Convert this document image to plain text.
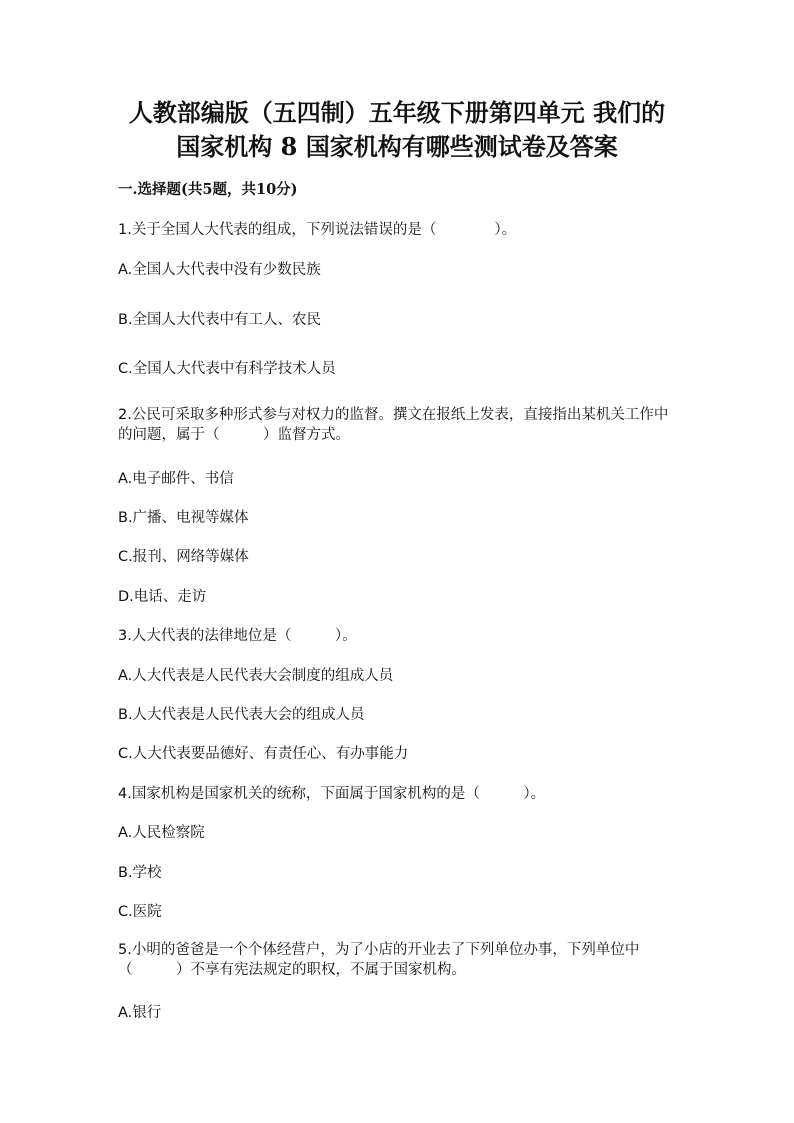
人教部编版（五四制）五年级下册第四单元 我们的
国家机构 8 国家机构有哪些测试卷及答案
一.选择题(共5题，共10分)
1.关于全国人大代表的组成，下列说法错误的是（　　　　）。
A.全国人大代表中没有少数民族
B.全国人大代表中有工人、农民
C.全国人大代表中有科学技术人员
2.公民可采取多种形式参与对权力的监督。撰文在报纸上发表，直接指出某机关工作中的问题，属于（　　　）监督方式。
A.电子邮件、书信
B.广播、电视等媒体
C.报刊、网络等媒体
D.电话、走访
3.人大代表的法律地位是（　　　）。
A.人大代表是人民代表大会制度的组成人员
B.人大代表是人民代表大会的组成人员
C.人大代表要品德好、有责任心、有办事能力
4.国家机构是国家机关的统称，下面属于国家机构的是（　　　）。
A.人民检察院
B.学校
C.医院
5.小明的爸爸是一个个体经营户，为了小店的开业去了下列单位办事，下列单位中（　　　）不享有宪法规定的职权，不属于国家机构。
A.银行
